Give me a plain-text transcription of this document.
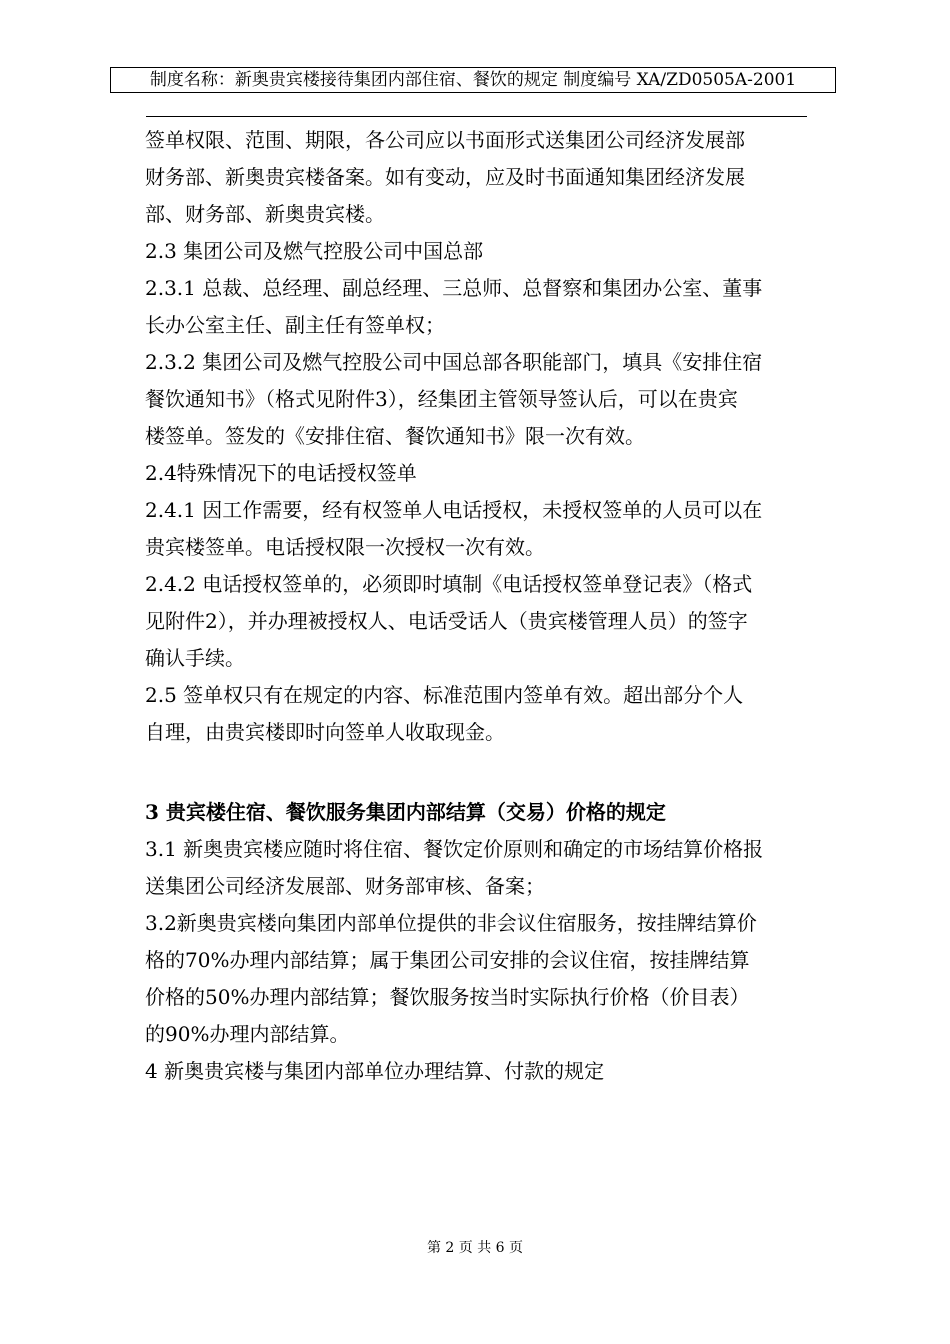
制度名称：新奥贵宾楼接待集团内部住宿、餐饮的规定 制度编号 XA/ZD0505A-2001
签单权限、范围、期限，各公司应以书面形式送集团公司经济发展部
财务部、新奥贵宾楼备案。如有变动，应及时书面通知集团经济发展
部、财务部、新奥贵宾楼。
2.3 集团公司及燃气控股公司中国总部
2.3.1 总裁、总经理、副总经理、三总师、总督察和集团办公室、董事
长办公室主任、副主任有签单权；
2.3.2 集团公司及燃气控股公司中国总部各职能部门，填具《安排住宿
餐饮通知书》（格式见附件3），经集团主管领导签认后，可以在贵宾
楼签单。签发的《安排住宿、餐饮通知书》限一次有效。
2.4特殊情况下的电话授权签单
2.4.1 因工作需要，经有权签单人电话授权，未授权签单的人员可以在
贵宾楼签单。电话授权限一次授权一次有效。
2.4.2 电话授权签单的，必须即时填制《电话授权签单登记表》（格式
见附件2），并办理被授权人、电话受话人（贵宾楼管理人员）的签字
确认手续。
2.5 签单权只有在规定的内容、标准范围内签单有效。超出部分个人
自理，由贵宾楼即时向签单人收取现金。
3 贵宾楼住宿、餐饮服务集团内部结算（交易）价格的规定
3.1 新奥贵宾楼应随时将住宿、餐饮定价原则和确定的市场结算价格报
送集团公司经济发展部、财务部审核、备案；
3.2新奥贵宾楼向集团内部单位提供的非会议住宿服务，按挂牌结算价
格的70%办理内部结算；属于集团公司安排的会议住宿，按挂牌结算
价格的50%办理内部结算；餐饮服务按当时实际执行价格（价目表）
的90%办理内部结算。
4 新奥贵宾楼与集团内部单位办理结算、付款的规定
第 2 页 共 6 页
